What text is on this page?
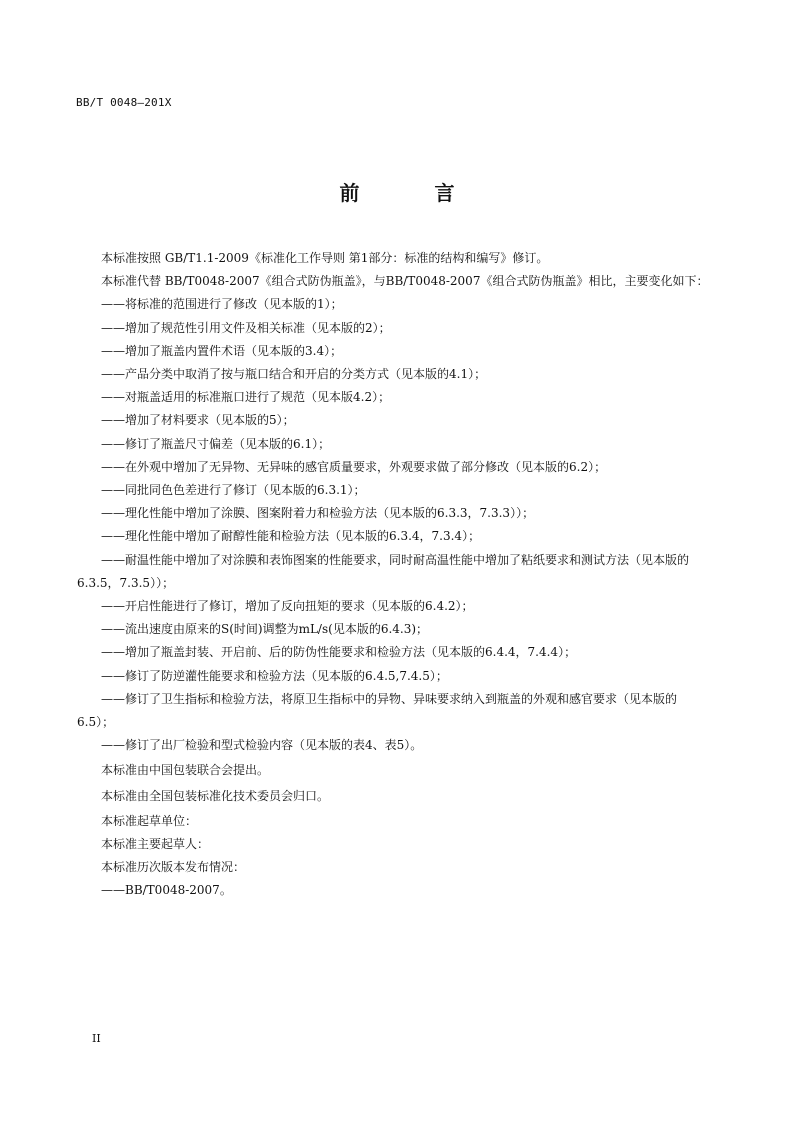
BB/T 0048—201X
前 言

本标准按照 GB/T1.1-2009《标准化工作导则 第1部分：标准的结构和编写》修订。

本标准代替 BB/T0048-2007《组合式防伪瓶盖》，与BB/T0048-2007《组合式防伪瓶盖》相比，主要变化如下：

——将标准的范围进行了修改（见本版的1）；
——增加了规范性引用文件及相关标准（见本版的2）；
——增加了瓶盖内置件术语（见本版的3.4）；
——产品分类中取消了按与瓶口结合和开启的分类方式（见本版的4.1）；
——对瓶盖适用的标准瓶口进行了规范（见本版4.2）；
——增加了材料要求（见本版的5）；
——修订了瓶盖尺寸偏差（见本版的6.1）；
——在外观中增加了无异物、无异味的感官质量要求，外观要求做了部分修改（见本版的6.2）；
——同批同色色差进行了修订（见本版的6.3.1）；
——理化性能中增加了涂膜、图案附着力和检验方法（见本版的6.3.3，7.3.3））；
——理化性能中增加了耐醇性能和检验方法（见本版的6.3.4，7.3.4）；
——耐温性能中增加了对涂膜和表饰图案的性能要求，同时耐高温性能中增加了粘纸要求和测试方法（见本版的6.3.5，7.3.5））；
——开启性能进行了修订，增加了反向扭矩的要求（见本版的6.4.2）；
——流出速度由原来的S(时间)调整为mL/s(见本版的6.4.3)；
——增加了瓶盖封装、开启前、后的防伪性能要求和检验方法（见本版的6.4.4，7.4.4）；
——修订了防逆灌性能要求和检验方法（见本版的6.4.5,7.4.5）；
——修订了卫生指标和检验方法，将原卫生指标中的异物、异味要求纳入到瓶盖的外观和感官要求（见本版的6.5）；
——修订了出厂检验和型式检验内容（见本版的表4、表5）。

本标准由中国包装联合会提出。

本标准由全国包装标准化技术委员会归口。

本标准起草单位：

本标准主要起草人：

本标准历次版本发布情况：

——BB/T0048-2007。

II
